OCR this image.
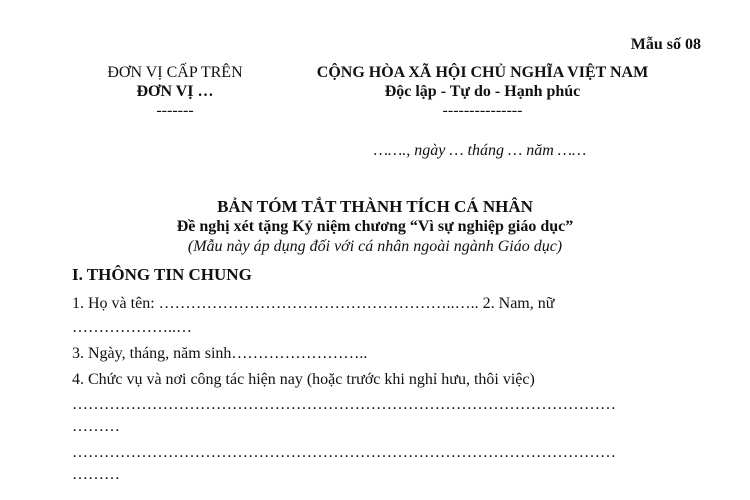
Mẫu số 08
ĐƠN VỊ CẤP TRÊN
ĐƠN VỊ …
-------
CỘNG HÒA XÃ HỘI CHỦ NGHĨA VIỆT NAM
Độc lập - Tự do - Hạnh phúc
---------------
……., ngày … tháng … năm ……
BẢN TÓM TẮT THÀNH TÍCH CÁ NHÂN
Đề nghị xét tặng Kỷ niệm chương “Vì sự nghiệp giáo dục”
(Mẫu này áp dụng đối với cá nhân ngoài ngành Giáo dục)
I. THÔNG TIN CHUNG
1. Họ và tên: ………………………………………………..….. 2. Nam, nữ
………………..…
3. Ngày, tháng, năm sinh……………………..
4. Chức vụ và nơi công tác hiện nay (hoặc trước khi nghỉ hưu, thôi việc)
…………………………………………………………………………………………
………
…………………………………………………………………………………………
………
